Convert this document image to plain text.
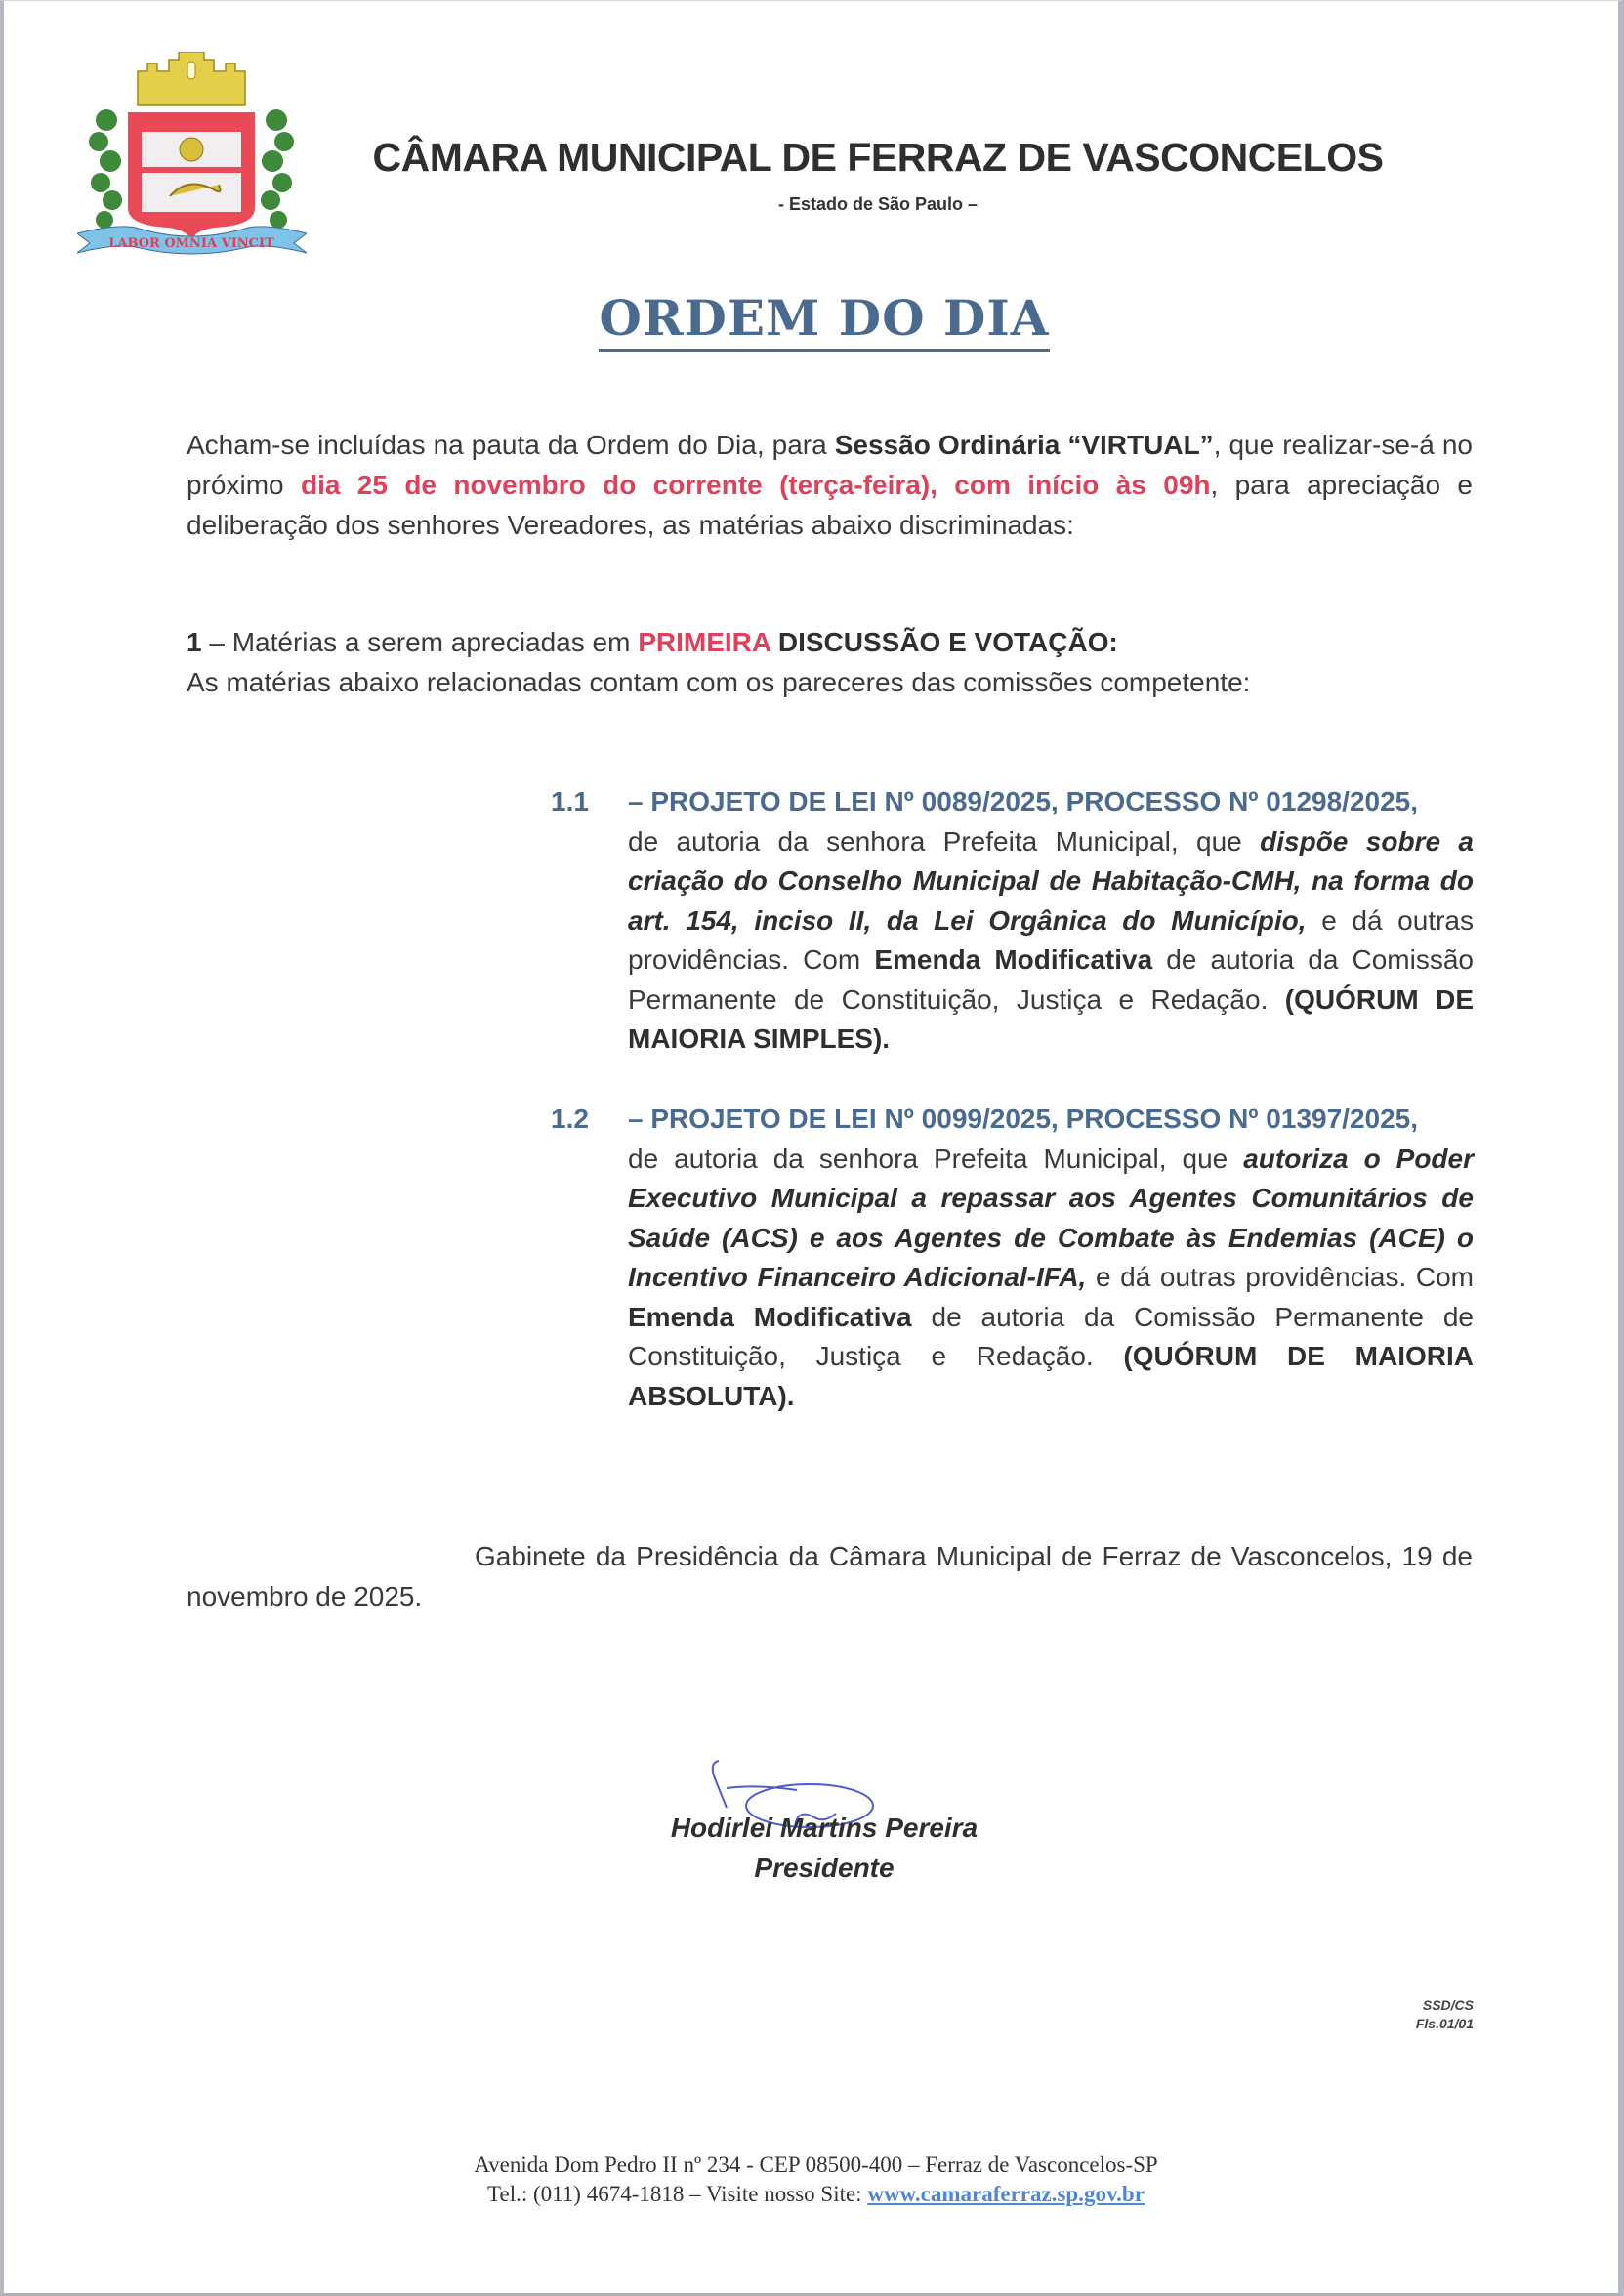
LABOR OMNIA VINCIT
CÂMARA MUNICIPAL DE FERRAZ DE VASCONCELOS
- Estado de São Paulo –
ORDEM DO DIA
Acham-se incluídas na pauta da Ordem do Dia, para Sessão Ordinária “VIRTUAL”, que realizar-se-á no próximo dia 25 de novembro do corrente (terça-feira), com início às 09h, para apreciação e deliberação dos senhores Vereadores, as matérias abaixo discriminadas:
1 – Matérias a serem apreciadas em PRIMEIRA DISCUSSÃO E VOTAÇÃO:
As matérias abaixo relacionadas contam com os pareceres das comissões competente:
1.1 – PROJETO DE LEI Nº 0089/2025, PROCESSO Nº 01298/2025,
de autoria da senhora Prefeita Municipal, que dispõe sobre a criação do Conselho Municipal de Habitação-CMH, na forma do art. 154, inciso II, da Lei Orgânica do Município, e dá outras providências. Com Emenda Modificativa de autoria da Comissão Permanente de Constituição, Justiça e Redação. (QUÓRUM DE MAIORIA SIMPLES).
1.2 – PROJETO DE LEI Nº 0099/2025, PROCESSO Nº 01397/2025,
de autoria da senhora Prefeita Municipal, que autoriza o Poder Executivo Municipal a repassar aos Agentes Comunitários de Saúde (ACS) e aos Agentes de Combate às Endemias (ACE) o Incentivo Financeiro Adicional-IFA, e dá outras providências. Com Emenda Modificativa de autoria da Comissão Permanente de Constituição, Justiça e Redação. (QUÓRUM DE MAIORIA ABSOLUTA).
Gabinete da Presidência da Câmara Municipal de Ferraz de Vasconcelos, 19 de novembro de 2025.
Hodirlei Martins Pereira
Presidente
SSD/CS
Fls.01/01
Avenida Dom Pedro II nº 234 - CEP 08500-400 – Ferraz de Vasconcelos-SP
Tel.: (011) 4674-1818 – Visite nosso Site: www.camaraferraz.sp.gov.br
